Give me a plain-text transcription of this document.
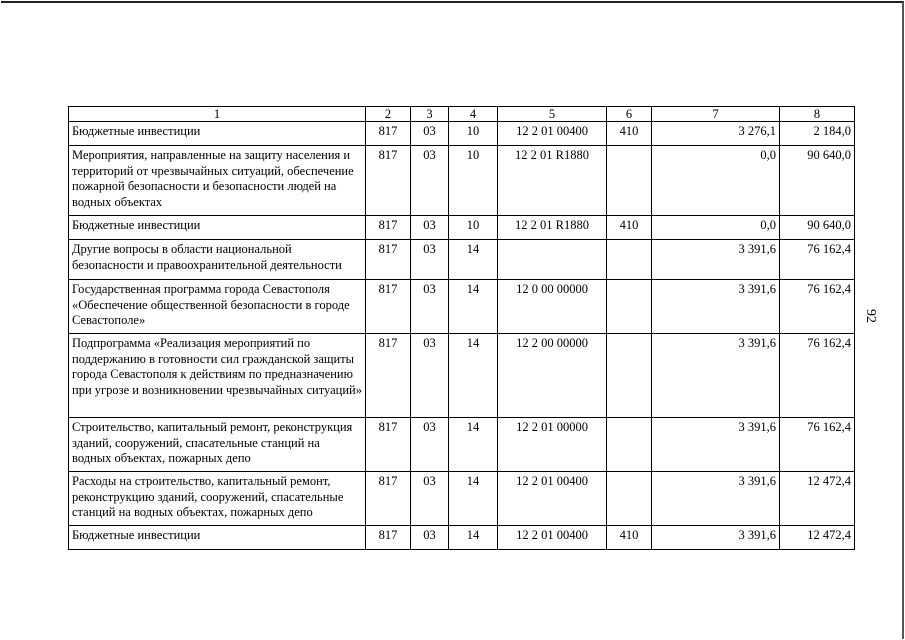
92
1	2	3	4	5	6	7	8
Бюджетные инвестиции	817	03	10	12 2 01 00400	410	3 276,1	2 184,0
Мероприятия, направленные на защиту населения и территорий от чрезвычайных ситуаций, обеспечение пожарной безопасности и безопасности людей на водных объектах	817	03	10	12 2 01 R1880		0,0	90 640,0
Бюджетные инвестиции	817	03	10	12 2 01 R1880	410	0,0	90 640,0
Другие вопросы в области национальной безопасности и правоохранительной деятельности	817	03	14			3 391,6	76 162,4
Государственная программа города Севастополя «Обеспечение общественной безопасности в городе Севастополе»	817	03	14	12 0 00 00000		3 391,6	76 162,4
Подпрограмма «Реализация мероприятий по поддержанию в готовности сил гражданской защиты города Севастополя к действиям по предназначению при угрозе и возникновении чрезвычайных ситуаций»	817	03	14	12 2 00 00000		3 391,6	76 162,4
Строительство, капитальный ремонт, реконструкция зданий, сооружений, спасательные станций на водных объектах, пожарных депо	817	03	14	12 2 01 00000		3 391,6	76 162,4
Расходы на строительство, капитальный ремонт, реконструкцию зданий, сооружений, спасательные станций на водных объектах, пожарных депо	817	03	14	12 2 01 00400		3 391,6	12 472,4
Бюджетные инвестиции	817	03	14	12 2 01 00400	410	3 391,6	12 472,4
